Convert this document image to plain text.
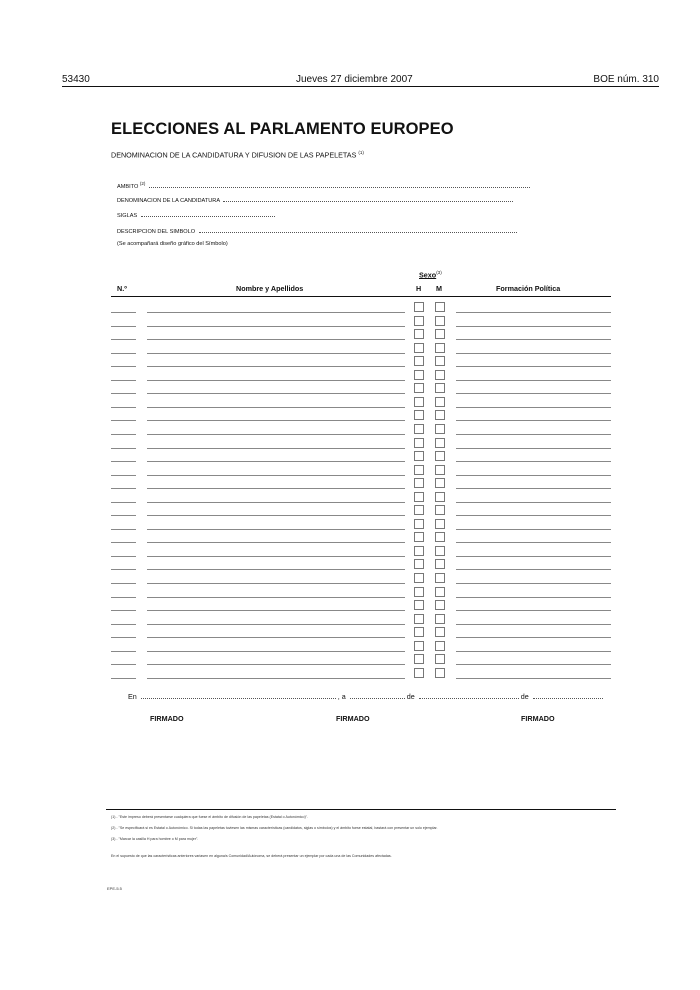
53430	Jueves 27 diciembre 2007	BOE núm. 310
ELECCIONES AL PARLAMENTO EUROPEO
DENOMINACION DE LA CANDIDATURA Y DIFUSION DE LAS PAPELETAS $^{(1)}$
AMBITO $^{(2)}$
DENOMINACION DE LA CANDIDATURA
SIGLAS
DESCRIPCION DEL SIMBOLO
(Se acompañará diseño gráfico del Símbolo)
Sexo$^{(3)}$
N.º	Nombre y Apellidos	H M	Formación Política
En	, a	de	de
FIRMADO	FIRMADO	FIRMADO
(1) - "Este impreso deberá presentarse cualquiera que fuese el ámbito de difusión de las papeletas (Estatal o Autonómico)".
(2) - "Se especificará si es Estatal o Autonómico. Si todas las papeletas tuviesen las mismas características (candidatos, siglas o símbolos) y el ámbito fuese estatal, bastará con presentar un solo ejemplar.
(3) - "Marcar la casilla H para hombre o M para mujer".
En el supuesto de que las características anteriores variasen en alguna/s Comunidad/Autónoma, se deberá presentar un ejemplar por cada una de las Comunidades afectadas.
EPE-5.5
